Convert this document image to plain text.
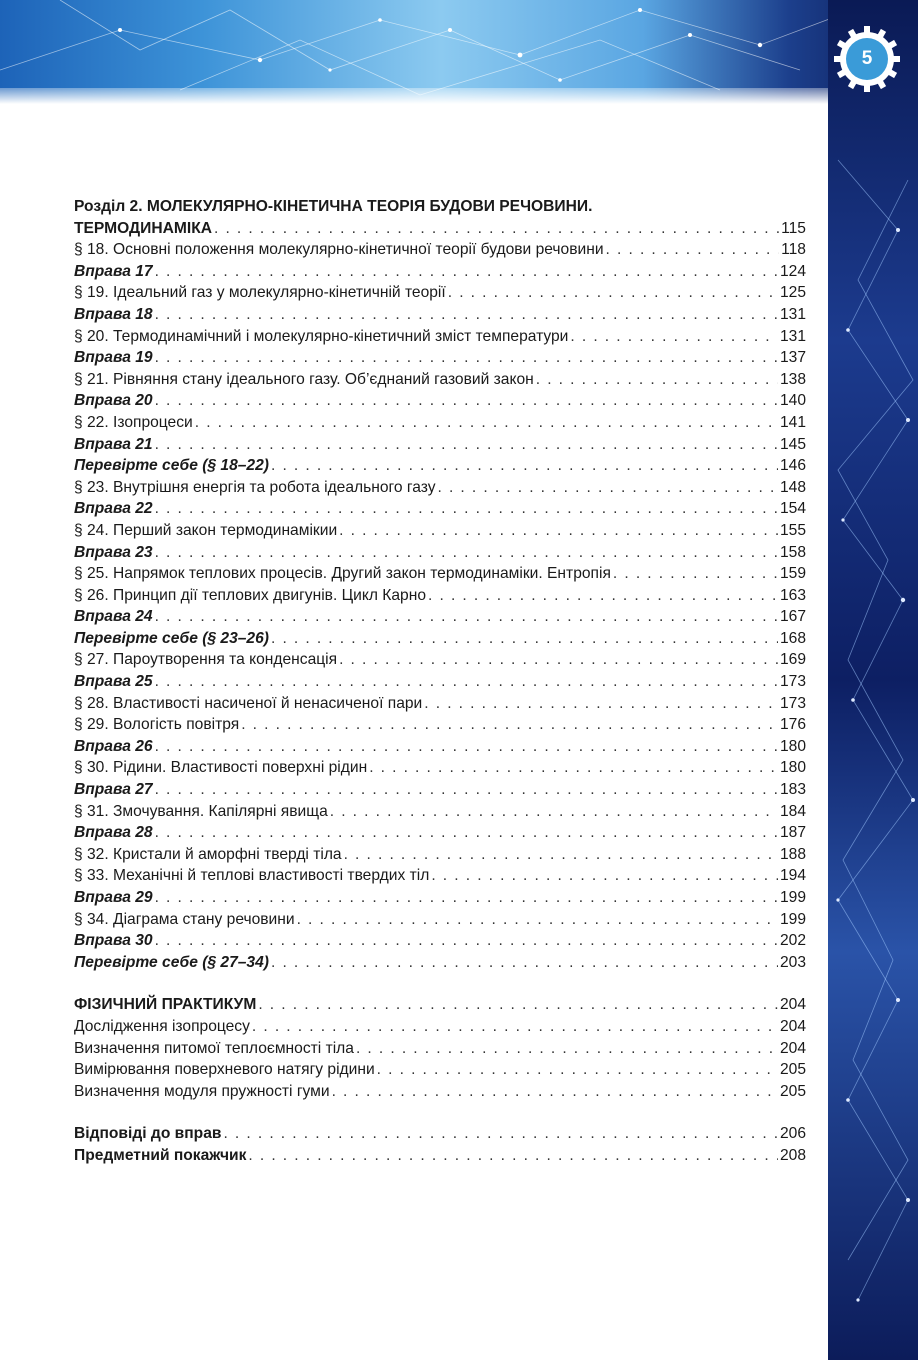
5
Розділ 2. МОЛЕКУЛЯРНО-КІНЕТИЧНА ТЕОРІЯ БУДОВИ РЕЧОВИНИ.
ТЕРМОДИНАМІКА . . .	115
§ 18. Основні положення молекулярно-кінетичної теорії будови речовини . . .	118
Вправа 17 . . .	124
§ 19. Ідеальний газ у молекулярно-кінетичній теорії . . .	125
Вправа 18 . . .	131
§ 20. Термодинамічний і молекулярно-кінетичний зміст температури . . .	131
Вправа 19 . . .	137
§ 21. Рівняння стану ідеального газу. Об’єднаний газовий закон . . .	138
Вправа 20 . . .	140
§ 22. Ізопроцеси . . .	141
Вправа 21 . . .	145
Перевірте себе (§ 18–22) . . .	146
§ 23. Внутрішня енергія та робота ідеального газу . . .	148
Вправа 22 . . .	154
§ 24. Перший закон термодинамікии . . .	155
Вправа 23 . . .	158
§ 25. Напрямок теплових процесів. Другий закон термодинаміки. Ентропія . . .	159
§ 26. Принцип дії теплових двигунів. Цикл Карно . . .	163
Вправа 24 . . .	167
Перевірте себе (§ 23–26) . . .	168
§ 27. Пароутворення та конденсація . . .	169
Вправа 25 . . .	173
§ 28. Властивості насиченої й ненасиченої пари . . .	173
§ 29. Вологість повітря . . .	176
Вправа 26 . . .	180
§ 30. Рідини. Властивості поверхні рідин . . .	180
Вправа 27 . . .	183
§ 31. Змочування. Капілярні явища . . .	184
Вправа 28 . . .	187
§ 32. Кристали й аморфні тверді тіла . . .	188
§ 33. Механічні й теплові властивості твердих тіл . . .	194
Вправа 29 . . .	199
§ 34. Діаграма стану речовини . . .	199
Вправа 30 . . .	202
Перевірте себе (§ 27–34) . . .	203
ФІЗИЧНИЙ ПРАКТИКУМ . . .	204
Дослідження ізопроцесу . . .	204
Визначення питомої теплоємності тіла . . .	204
Вимірювання поверхневого натягу рідини . . .	205
Визначення модуля пружності гуми . . .	205
Відповіді до вправ . . .	206
Предметний покажчик . . .	208
